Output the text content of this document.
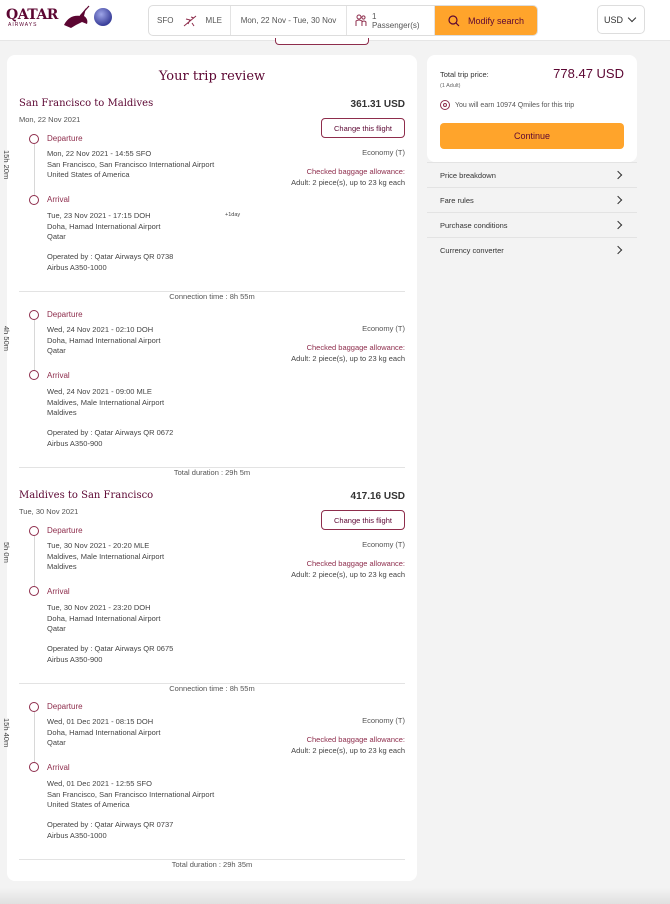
QATAR
AIRWAYS	SFO	MLE Mon, 22 Nov - Tue, 30 Nov	1 Passenger(s)	Modify search	USD
Your trip review
San Francisco to Maldives
Mon, 22 Nov 2021
361.31 USD
Change this flight
15h 20m
Departure
Mon, 22 Nov 2021 - 14:55 SFO
San Francisco, San Francisco International Airport
United States of America
Economy (T)
Checked baggage allowance:
Adult: 2 piece(s), up to 23 kg each
Arrival
Tue, 23 Nov 2021 - 17:15 DOH	+1day
Doha, Hamad International Airport
Qatar
Operated by : Qatar Airways QR 0738
Airbus A350-1000
Connection time : 8h 55m
4h 50m
Departure
Wed, 24 Nov 2021 - 02:10 DOH
Doha, Hamad International Airport
Qatar
Economy (T)
Checked baggage allowance:
Adult: 2 piece(s), up to 23 kg each
Arrival
Wed, 24 Nov 2021 - 09:00 MLE
Maldives, Male International Airport
Maldives
Operated by : Qatar Airways QR 0672
Airbus A350-900
Total duration : 29h 5m
Maldives to San Francisco
Tue, 30 Nov 2021
417.16 USD
Change this flight
5h 0m
Departure
Tue, 30 Nov 2021 - 20:20 MLE
Maldives, Male International Airport
Maldives
Economy (T)
Checked baggage allowance:
Adult: 2 piece(s), up to 23 kg each
Arrival
Tue, 30 Nov 2021 - 23:20 DOH
Doha, Hamad International Airport
Qatar
Operated by : Qatar Airways QR 0675
Airbus A350-900
Connection time : 8h 55m
15h 40m
Departure
Wed, 01 Dec 2021 - 08:15 DOH
Doha, Hamad International Airport
Qatar
Economy (T)
Checked baggage allowance:
Adult: 2 piece(s), up to 23 kg each
Arrival
Wed, 01 Dec 2021 - 12:55 SFO
San Francisco, San Francisco International Airport
United States of America
Operated by : Qatar Airways QR 0737
Airbus A350-1000
Total duration : 29h 35m
Total trip price:
(1 Adult)
778.47 USD
You will earn 10974 Qmiles for this trip
Continue
Price breakdown
Fare rules
Purchase conditions
Currency converter
